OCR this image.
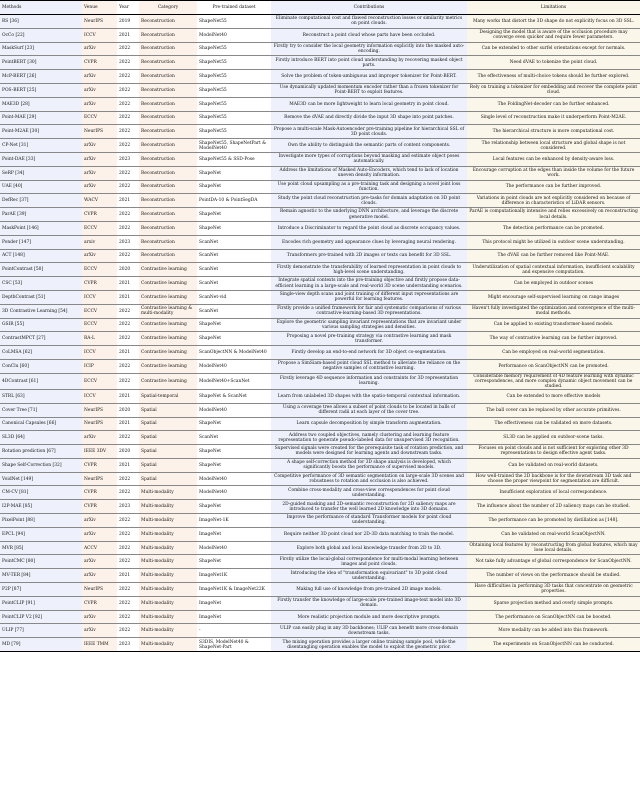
Methods	Venue	Year	Category	Pre-trained dataset	Contributions	Limitations
RS [36]	NeurIPS	2019	Reconstruction	ShapeNet55	Eliminate computational cost and flawed reconstruction losses or similarity metrics on point clouds.	Many works that distort the 3D shape do not explicitly focus on 3D SSL.
OcCo [22]	ICCV	2021	Reconstruction	ModelNet40	Reconstruct a point cloud whose parts have been occluded.	Designing the model that is aware of the occlusion procedure may converge even quicker and require fewer parameters.
MaskSurf [23]	arXiv	2022	Reconstruction	ShapeNet55	Firstly try to consider the local geometry information explicitly into the masked auto-encoding.	Can be extended to other surfel orientations except for normals.
PointBERT [30]	CVPR	2022	Reconstruction	ShapeNet55	Firstly introduce BERT into point cloud understanding by recovering masked object parts.	Need dVAE to tokenize the point cloud.
McP-BERT [26]	arXiv	2022	Reconstruction	ShapeNet55	Solve the problem of token-ambiguous and improper tokenizer for Point-BERT.	The effectiveness of multi-choice tokens should be further explored.
POS-BERT [25]	arXiv	2022	Reconstruction	ShapeNet55	Use dynamically updated momentum encoder rather than a frozen tokenizer for Point-BERT to exploit features.	Rely on training a tokenizer for embedding and recover the complete point cloud.
MAE3D [28]	arXiv	2022	Reconstruction	ShapeNet55	MAE3D can be more lightweight to learn local geometry in point cloud.	The FoldingNet-decoder can be further enhanced.
Point-MAE [29]	ECCV	2022	Reconstruction	ShapeNet55	Remove the dVAE and directly divide the input 3D shape into point patches.	Single level of reconstruction make it underperform Point-M2AE.
Point-M2AE [30]	NeurIPS	2022	Reconstruction	ShapeNet55	Propose a multi-scale Mask-Autoencoder pre-training pipeline for hierarchical SSL of 3D point clouds.	The hierarchical structure is more computational cost.
CP-Net [31]	arXiv	2022	Reconstruction	ShapeNet55, ShapeNetPart & ModelNet40	Own the ability to distinguish the semantic parts of content components.	The relationship between local structure and global shape is not considered.
Point-DAE [33]	arXiv	2023	Reconstruction	ShapeNet55 & SSD-Pose	Investigate more types of corruptions beyond masking and estimate object poses automatically.	Local features can be enhanced by density-aware loss.
SeRP [34]	arXiv	2022	Reconstruction	ShapeNet	Address the limitations of Masked Auto-Encoders, which tend to lack of location uneven density information.	Encourage corruption at the edges than inside the volume for the future work.
UAE [40]	arXiv	2022	Reconstruction	ShapeNet	Use point cloud upsampling as a pre-training task and designing a novel joint loss function.	The performance can be further improved.
DefRec [37]	WACV	2021	Reconstruction	PointDA-10 & PointSegDA	Study the point cloud reconstruction pre-tasks for domain adaptation on 3D point clouds.	Variations in point clouds are not explicitly considered on because of difference in characteristics of LiDAR sensors.
ParAE [39]	CVPR	2022	Reconstruction	ShapeNet	Remain agnostic to the underlying DNN architecture, and leverage the discrete generative model.	ParAE is computationally intensive and relies excessively on reconstructing local details.
MaskPoint [146]	ECCV	2022	Reconstruction	ShapeNet	Introduce a Discriminator to regard the point cloud as discrete occupancy values.	The detection performance can be promoted.
Ponder [147]	arxiv	2023	Reconstruction	ScanNet	Encodes rich geometry and appearance clues by leveraging neural rendering.	This protocol might be utilized in outdoor scene understanding.
ACT [148]	arXiv	2022	Reconstruction	ScanNet	Transformers pre-trained with 2D images or texts can benefit for 3D SSL.	The dVAE can be further removed like Point-MAE.
PointContrast [50]	ECCV	2020	Contrastive learning	ScanNet	Firstly demonstrate the transferability of learned representation in point clouds to high-level scene understanding.	Underutilization of spatial contextual information, insufficient scalability and expensive computation.
CSC [53]	CVPR	2021	Contrastive learning	ScanNet	Integrate spatial contexts into the pre-training objective and firstly propose data-efficient learning in a large-scale and real-world 3D scene understanding scenarios.	Can be employed in outdoor scenes
DepthContrast [51]	ICCV	2021	Contrastive learning	ScanNet-vid	Single-view depth scans and joint training of different input representations are powerful for learning features.	Might encourage self-supervised learning on range images
3D Contrastive Learning [54]	ECCV	2022	Contrastive learning & multi-modality	ScanNet	Firstly provide a unified framework for fair and systematic comparisons of various contrastive-learning-based 3D representations.	Haven't fully investigated the optimization and convergence of the multi-modal methods.
GSIR [55]	ECCV	2022	Contrastive learning	ShapeNet	Explore the geometric sampling invariant representations that are invariant under various sampling strategies and densities.	Can be applied to existing transformer-based models.
ContrastMPCT [27]	RA-L	2022	Contrastive learning	ShapeNet	Proposing a novel pre-training strategy via contrastive learning and mask transformer.	The way of contrastive learning can be further improved.
CoLMSA [62]	ICCV	2021	Contrastive learning	ScanObjectNN & ModelNet40	Firstly develop an end-to-end network for 3D object co-segmentation.	Can be employed on real-world segmentation.
ConClu [60]	ICIP	2022	Contrastive learning	ModelNet40	Propose a SimSiam-based point cloud SSL method to alleviate the reliance on the negative samples of contrastive learning.	Performance on ScanObjectNN can be promoted.
4DContrast [61]	ECCV	2022	Contrastive learning	ModelNet40+ScanNet	Firstly leverage 4D sequence information and constraints for 3D representation learning.	Considerable memory requirement of 4D feature learning with dynamic correspondences, and more complex dynamic object movement can be studied.
STRL [63]	ICCV	2021	Spatial-temporal	ShapeNet & ScanNet	Learn from unlabeled 3D shapes with the spatio-temporal contextual information.	Can be extended to more effective models
Cover Tree [71]	NeurIPS	2020	Spatial	ModelNet40	Using a coverage tree allows a subset of point clouds to be located in balls of different radii at each layer of the cover tree.	The ball cover can be replaced by other accurate primitives.
Canonical Capsules [66]	NeurIPS	2021	Spatial	ShapeNet	Learn capsule decomposition by simple transform augmentation.	The effectiveness can be validated on more datasets.
SL3D [64]	arXiv	2022	Spatial	ScanNet	Address two coupled objectives, namely clustering and learning feature representation to generate pseudo-labeled data for unsupervised 3D recognition.	SL3D can be applied on outdoor-scene tasks.
Rotation prediction [67]	IEEE 3DV	2020	Spatial	ShapeNet	Supervised signals were created for the prerequisite task of rotation prediction, and models were designed for learning agents and downstream tasks.	Focuses on point clouds and is not sufficient for exploring other 3D representations to design effective agent tasks.
Shape Self-Correction [32]	CVPR	2021	Spatial	ShapeNet	A shape self-correction method for 3D shape analysis is developed, which significantly boosts the performance of supervised models.	Can be validated on real-world datasets.
VoidNet [149]	NeurIPS	2022	Spatial	ModelNet40	Competitive performance of 3D semantic segmentation on large-scale 3D scenes and robustness to rotation and occlusion is also achieved.	How well-trained the 2D backbone is for the downstream 3D task and choose the proper viewpoint for segmentation are difficult.
CM-CV [81]	CVPR	2022	Multi-modality	ModelNet40	Combine cross-modality and cross-view correspondences for point cloud understanding.	Insufficient exploration of local correspondence.
I2P-MAE [85]	CVPR	2023	Multi-modality	ShapeNet	2D-guided masking and 2D-semantic reconstruction for 2D saliency maps are introduced to transfer the well learned 2D knowledge into 3D domains.	The influence about the number of 2D saliency maps can be studied.
PixelPoint [88]	arXiv	2022	Multi-modality	ImageNet-1K	Improve the performance of standard Transformer models for point cloud understanding.	The performance can be promoted by distillation as [148].
EPCL [94]	arXiv	2022	Multi-modality	ImageNet	Require neither 3D point cloud nor 2D-3D data matching to train the model.	Can be validated on real-world ScanObjectNN.
MVR [85]	ACCV	2022	Multi-modality	ModelNet40	Explore both global and local knowledge transfer from 2D to 3D.	Obtaining local features by reconstructing from global features, which may lose local details.
PointCMC [80]	arXiv	2022	Multi-modality	ShapeNet	Firstly utilize the local-global correspondence for multi-modal learning between images and point clouds.	Not take fully advantage of global correspondence for ScanObjectNN.
MV-TER [84]	arXiv	2021	Multi-modality	ImageNet1K	Introducing the idea of "transformation equivariant" to 3D point cloud understanding.	The number of views on the performance should be studied.
P2P [87]	NeurIPS	2022	Multi-modality	ImageNet1K & ImageNet22K	Making full use of knowledge from pre-trained 2D image models.	Have difficulties in performing 3D tasks that concentrate on geometric properties.
PointCLIP [91]	CVPR	2022	Multi-modality	ImageNet	Firstly transfer the knowledge of large-scale pre-trained image-text model into 3D domain.	Sparse projection method and overly simple prompts.
PointCLIP V2 [92]	arXiv	2022	Multi-modality	ImageNet	More realistic projection module and more descriptive prompts.	The performance on ScanObjectNN can be boosted.
ULIP [77]	arXiv	2022	Multi-modality	-	ULIP can easily plug in any 3D backbones; ULIP can benefit more cross-domain downstream tasks.	More modality can be added into this framework.
MD [79]	IEEE TMM	2023	Multi-modality	S3DIS, ModelNet40 & ShapeNet-Part	The mixing operation provides a larger online training sample pool, while the disentangling operation enables the model to exploit the geometric prior.	The experiments on ScanObjectNN can be conducted.
